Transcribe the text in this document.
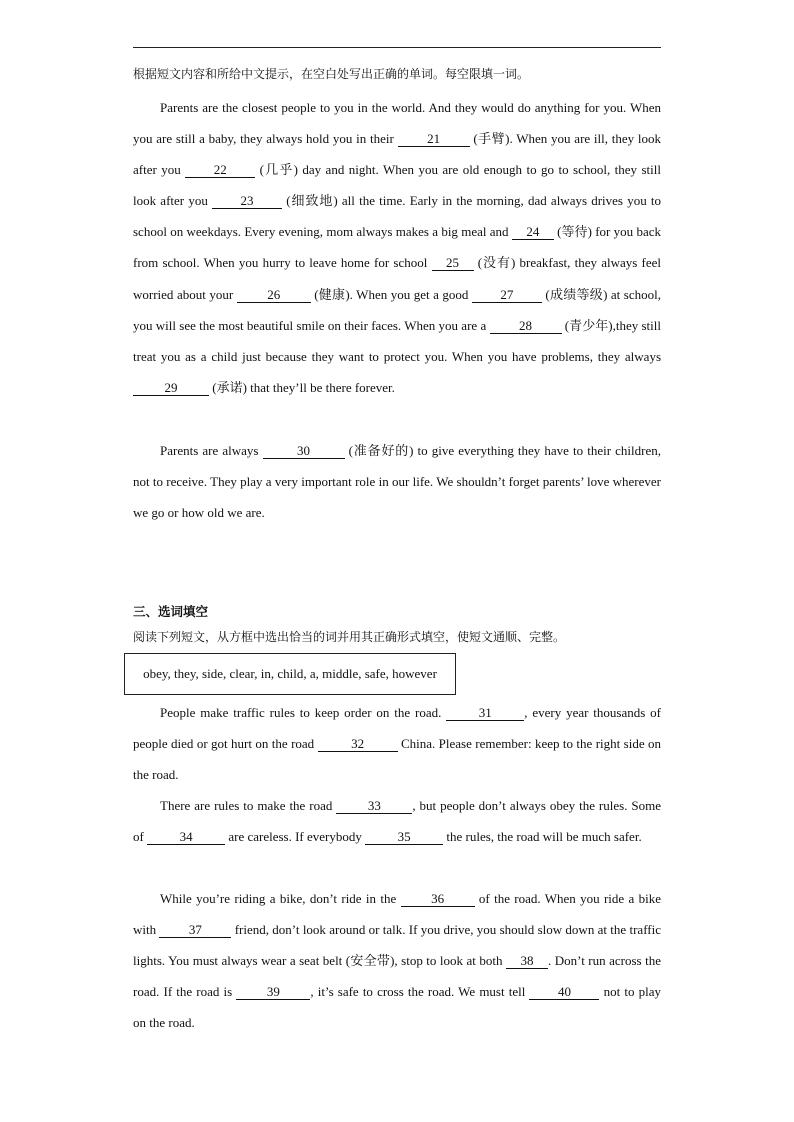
根据短文内容和所给中文提示，在空白处写出正确的单词。每空限填一词。

Parents are the closest people to you in the world. And they would do anything for you. When you are still a baby, they always hold you in their 21 (手臂). When you are ill, they look after you 22 (几乎) day and night. When you are old enough to go to school, they still look after you 23 (细致地) all the time. Early in the morning, dad always drives you to school on weekdays. Every evening, mom always makes a big meal and 24 (等待) for you back from school. When you hurry to leave home for school 25 (没有) breakfast, they always feel worried about your 26 (健康). When you get a good 27 (成绩等级) at school, you will see the most beautiful smile on their faces. When you are a 28 (青少年),they still treat you as a child just because they want to protect you. When you have problems, they always 29 (承诺) that they’ll be there forever.

Parents are always	30	(准备好的) to give everything they have to their children, not to receive. They play a very important role in our life. We shouldn’t forget parents’ love wherever we go or how old we are.

三、选词填空

阅读下列短文，从方框中选出恰当的词并用其正确形式填空，使短文通顺、完整。

obey, they, side, clear, in, child, a, middle, safe, however

People make traffic rules to keep order on the road.	31	, every year thousands of people died or got hurt on the road	32	China. Please remember: keep to the right side on the road.

There are rules to make the road 33 , but people don’t always obey the rules. Some of	34	are careless. If everybody	35	the rules, the road will be much safer.

While you’re riding a bike, don’t ride in the 36 of the road. When you ride a bike with 37 friend, don’t look around or talk. If you drive, you should slow down at the traffic lights. You must always wear a seat belt (安全带), stop to look at both 38 . Don’t run across the road. If the road is 39 , it’s safe to cross the road. We must tell 40 not to play on the road.
